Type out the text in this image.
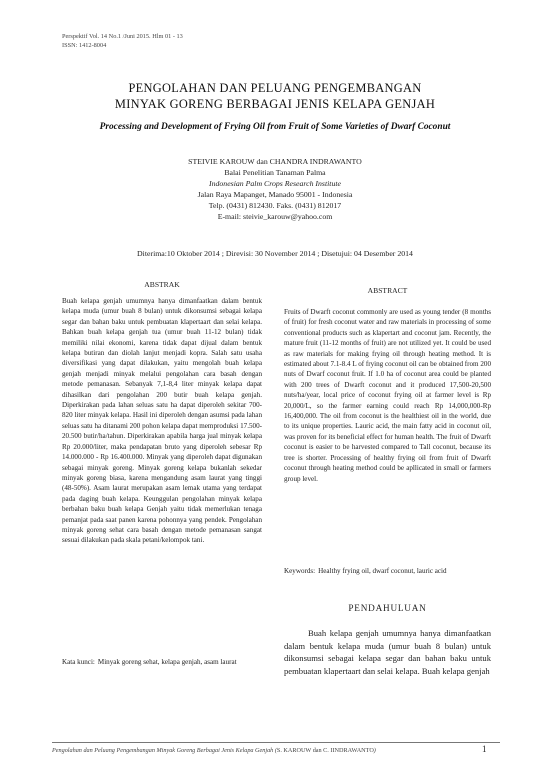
Perspektif Vol. 14 No.1 /Juni 2015. Hlm 01 - 13
ISSN: 1412-8004
PENGOLAHAN DAN PELUANG PENGEMBANGAN
MINYAK GORENG BERBAGAI JENIS KELAPA GENJAH
Processing and Development of Frying Oil from Fruit of Some Varieties of Dwarf Coconut
STEIVIE KAROUW dan CHANDRA INDRAWANTO
Balai Penelitian Tanaman Palma
Indonesian Palm Crops Research Institute
Jalan Raya Mapanget, Manado 95001 - Indonesia
Telp. (0431) 812430. Faks. (0431) 812017
E-mail: steivie_karouw@yahoo.com
Diterima:10 Oktober 2014 ; Direvisi: 30 November 2014 ; Disetujui: 04 Desember 2014
ABSTRAK

Buah kelapa genjah umumnya hanya dimanfaatkan dalam bentuk kelapa muda (umur buah 8 bulan) untuk dikonsumsi sebagai kelapa segar dan bahan baku untuk pembuatan klapertaart dan selai kelapa. Bahkan buah kelapa genjah tua (umur buah 11-12 bulan) tidak memiliki nilai ekonomi, karena tidak dapat dijual dalam bentuk kelapa butiran dan diolah lanjut menjadi kopra. Salah satu usaha diversifikasi yang dapat dilakukan, yaitu mengolah buah kelapa genjah menjadi minyak melalui pengolahan cara basah dengan metode pemanasan. Sebanyak 7,1-8,4 liter minyak kelapa dapat dihasilkan dari pengolahan 200 butir buah kelapa genjah. Diperkirakan pada lahan seluas satu ha dapat diperoleh sekitar 700-820 liter minyak kelapa. Hasil ini diperoleh dengan asumsi pada lahan seluas satu ha ditanami 200 pohon kelapa dapat memproduksi 17.500-20.500 butir/ha/tahun. Diperkirakan apabila harga jual minyak kelapa Rp 20.000/liter, maka pendapatan bruto yang diperoleh sebesar Rp 14.000.000 - Rp 16.400.000. Minyak yang diperoleh dapat digunakan sebagai minyak goreng. Minyak goreng kelapa bukanlah sekedar minyak goreng biasa, karena mengandung asam laurat yang tinggi (48-50%). Asam laurat merupakan asam lemak utama yang terdapat pada daging buah kelapa. Keunggulan pengolahan minyak kelapa berbahan baku buah kelapa Genjah yaitu tidak memerlukan tenaga pemanjat pada saat panen karena pohonnya yang pendek. Pengolahan minyak goreng sehat cara basah dengan metode pemanasan sangat sesuai dilakukan pada skala petani/kelompok tani.

Kata kunci: Minyak goreng sehat, kelapa genjah, asam laurat
ABSTRACT

Fruits of Dwarft coconut commonly are used as young tender (8 months of fruit) for fresh coconut water and raw materials in processing of some conventional products such as klapertart and coconut jam. Recently, the mature fruit (11-12 months of fruit) are not utilized yet. It could be used as raw materials for making frying oil through heating method. It is estimated about 7.1-8.4 L of frying coconut oil can be obtained from 200 nuts of Dwarf coconut fruit. If 1.0 ha of coconut area could be planted with 200 trees of Dwarft coconut and it produced 17,500-20,500 nuts/ha/year, local price of coconut frying oil at farmer level is Rp 20,000/L, so the farmer earning could reach Rp 14,000,000-Rp 16,400,000. The oil from coconut is the healthiest oil in the world, due to its unique properties. Lauric acid, the main fatty acid in coconut oil, was proven for its beneficial effect for human health. The fruit of Dwarft coconut is easier to be harvested compared to Tall coconut, because its tree is shorter. Processing of healthy frying oil from fruit of Dwarft coconut through heating method could be apllicated in small or farmers group level.

Keywords: Healthy frying oil, dwarf coconut, lauric acid
PENDAHULUAN

Buah kelapa genjah umumnya hanya dimanfaatkan dalam bentuk kelapa muda (umur buah 8 bulan) untuk dikonsumsi sebagai kelapa segar dan bahan baku untuk pembuatan klapertaart dan selai kelapa. Buah kelapa genjah

Pengolahan dan Peluang Pengembangan Minyak Goreng Berbagai Jenis Kelapa Genjah (S. KAROUW dan C. IINDRAWANTO)	1
